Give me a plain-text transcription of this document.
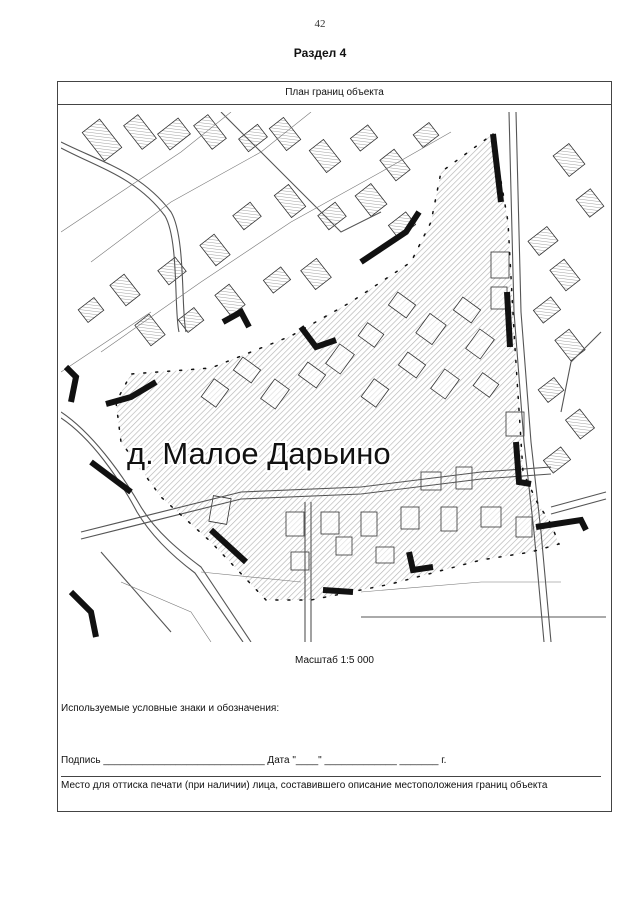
42
Раздел 4
План границ объекта
д. Малое Дарьино
Масштаб 1:5 000
Используемые условные знаки и обозначения:
Подпись _____________________________ Дата "____" _____________ _______ г.
Место для оттиска печати (при наличии) лица, составившего описание местоположения границ объекта
